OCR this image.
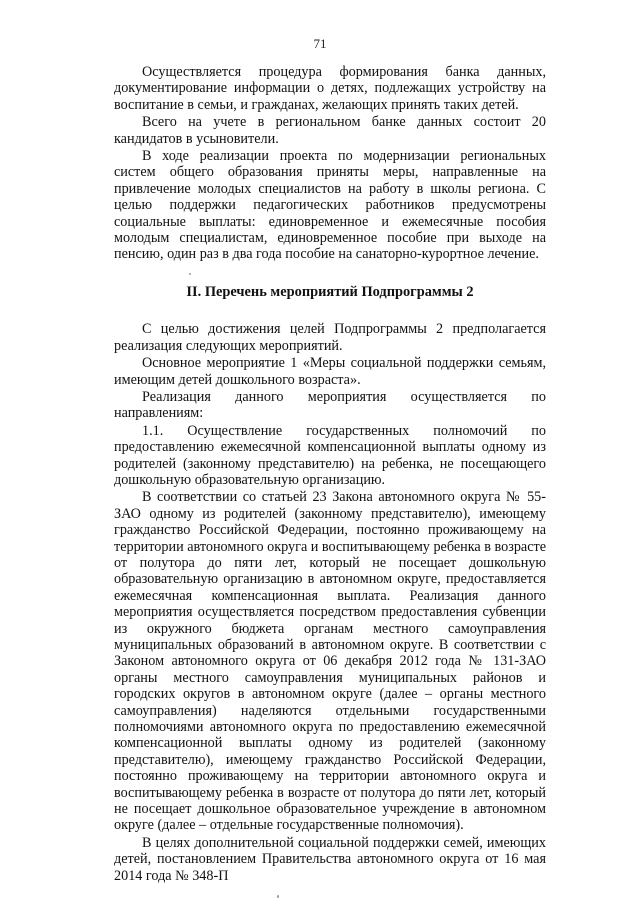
71

Осуществляется процедура формирования банка данных, документирование информации о детях, подлежащих устройству на воспитание в семьи, и гражданах, желающих принять таких детей.

Всего на учете в региональном банке данных состоит 20 кандидатов в усыновители.

В ходе реализации проекта по модернизации региональных систем общего образования приняты меры, направленные на привлечение молодых специалистов на работу в школы региона. С целью поддержки педагогических работников предусмотрены социальные выплаты: единовременное и ежемесячные пособия молодым специалистам, единовременное пособие при выходе на пенсию, один раз в два года пособие на санаторно-курортное лечение.

II. Перечень мероприятий Подпрограммы 2

С целью достижения целей Подпрограммы 2 предполагается реализация следующих мероприятий.

Основное мероприятие 1 «Меры социальной поддержки семьям, имеющим детей дошкольного возраста».

Реализация данного мероприятия осуществляется по направлениям:

1.1. Осуществление государственных полномочий по предоставлению ежемесячной компенсационной выплаты одному из родителей (законному представителю) на ребенка, не посещающего дошкольную образовательную организацию.

В соответствии со статьей 23 Закона автономного округа № 55-ЗАО одному из родителей (законному представителю), имеющему гражданство Российской Федерации, постоянно проживающему на территории автономного округа и воспитывающему ребенка в возрасте от полутора до пяти лет, который не посещает дошкольную образовательную организацию в автономном округе, предоставляется ежемесячная компенсационная выплата. Реализация данного мероприятия осуществляется посредством предоставления субвенции из окружного бюджета органам местного самоуправления муниципальных образований в автономном округе. В соответствии с Законом автономного округа от 06 декабря 2012 года № 131-ЗАО органы местного самоуправления муниципальных районов и городских округов в автономном округе (далее – органы местного самоуправления) наделяются отдельными государственными полномочиями автономного округа по предоставлению ежемесячной компенсационной выплаты одному из родителей (законному представителю), имеющему гражданство Российской Федерации, постоянно проживающему на территории автономного округа и воспитывающему ребенка в возрасте от полутора до пяти лет, который не посещает дошкольное образовательное учреждение в автономном округе (далее – отдельные государственные полномочия).

В целях дополнительной социальной поддержки семей, имеющих детей, постановлением Правительства автономного округа от 16 мая 2014 года № 348-П
